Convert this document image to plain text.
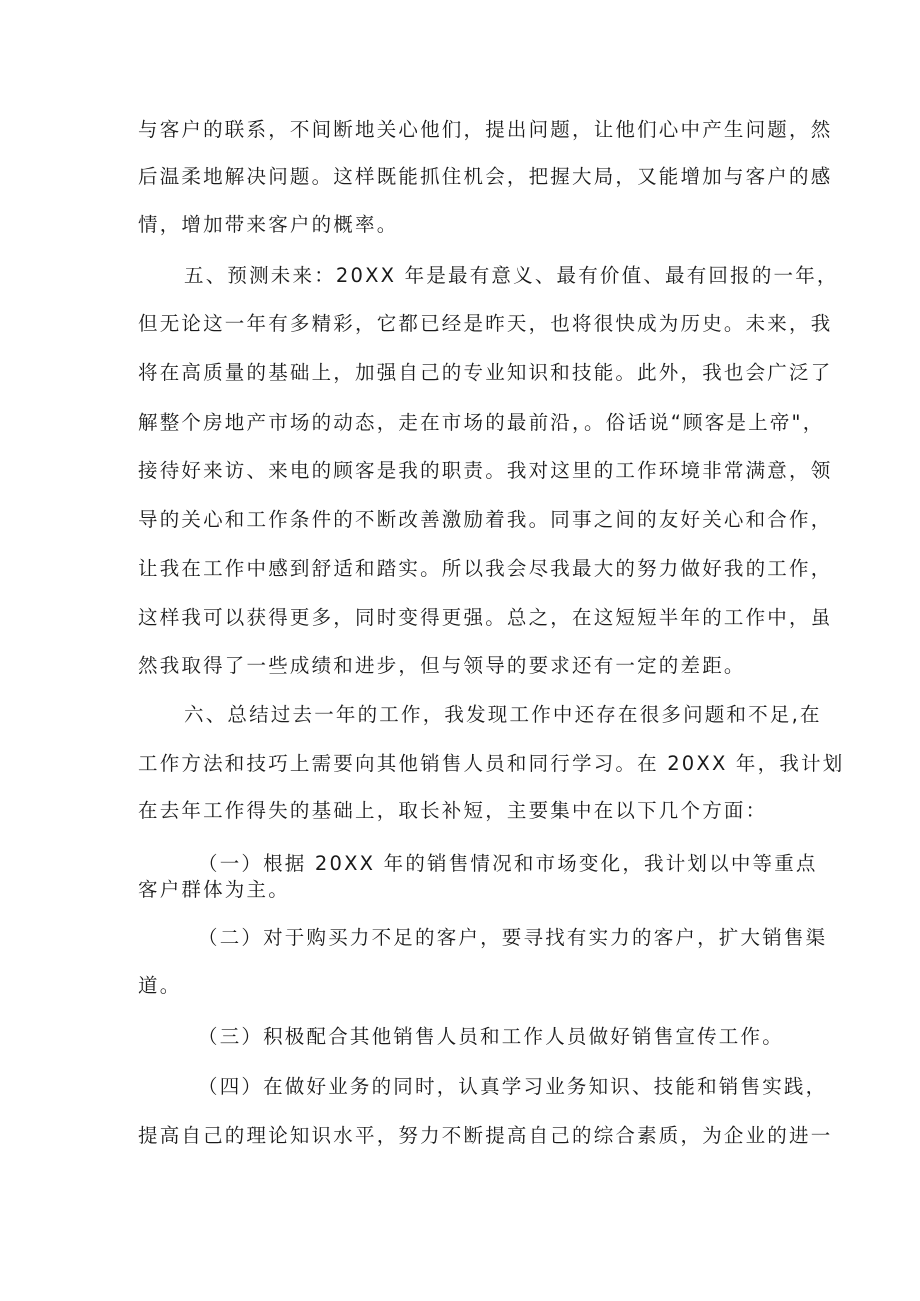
与客户的联系，不间断地关心他们，提出问题，让他们心中产生问题，然
后温柔地解决问题。这样既能抓住机会，把握大局，又能增加与客户的感
情，增加带来客户的概率。
五、预测未来：20XX 年是最有意义、最有价值、最有回报的一年，
但无论这一年有多精彩，它都已经是昨天，也将很快成为历史。未来，我
将在高质量的基础上，加强自己的专业知识和技能。此外，我也会广泛了
解整个房地产市场的动态，走在市场的最前沿，。俗话说“顾客是上帝"，
接待好来访、来电的顾客是我的职责。我对这里的工作环境非常满意，领
导的关心和工作条件的不断改善激励着我。同事之间的友好关心和合作，
让我在工作中感到舒适和踏实。所以我会尽我最大的努力做好我的工作，
这样我可以获得更多，同时变得更强。总之，在这短短半年的工作中，虽
然我取得了一些成绩和进步，但与领导的要求还有一定的差距。
六、总结过去一年的工作，我发现工作中还存在很多问题和不足,在
工作方法和技巧上需要向其他销售人员和同行学习。在 20XX 年，我计划
在去年工作得失的基础上，取长补短，主要集中在以下几个方面：
（一）根据 20XX 年的销售情况和市场变化，我计划以中等重点
客户群体为主。
（二）对于购买力不足的客户，要寻找有实力的客户，扩大销售渠
道。
（三）积极配合其他销售人员和工作人员做好销售宣传工作。
（四）在做好业务的同时，认真学习业务知识、技能和销售实践，
提高自己的理论知识水平，努力不断提高自己的综合素质，为企业的进一
